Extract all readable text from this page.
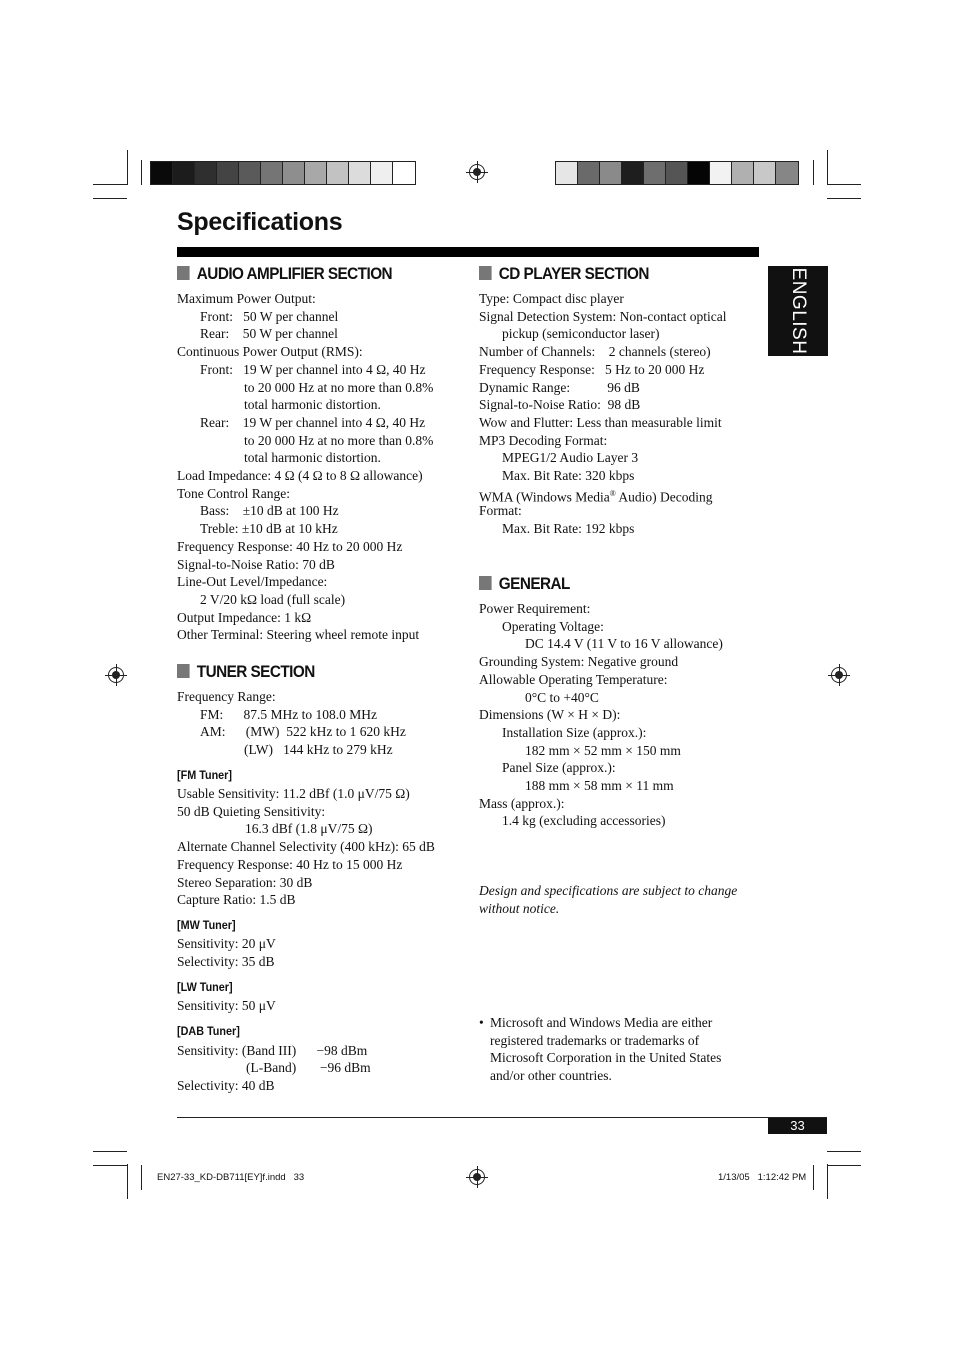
Specifications
ENGLISH
AUDIO AMPLIFIER SECTION
Maximum Power Output:
Front:   50 W per channel
Rear:    50 W per channel
Continuous Power Output (RMS):
Front:   19 W per channel into 4 Ω, 40 Hz
to 20 000 Hz at no more than 0.8%
total harmonic distortion.
Rear:    19 W per channel into 4 Ω, 40 Hz
to 20 000 Hz at no more than 0.8%
total harmonic distortion.
Load Impedance: 4 Ω (4 Ω to 8 Ω allowance)
Tone Control Range:
Bass:    ±10 dB at 100 Hz
Treble: ±10 dB at 10 kHz
Frequency Response: 40 Hz to 20 000 Hz
Signal-to-Noise Ratio: 70 dB
Line-Out Level/Impedance:
2 V/20 kΩ load (full scale)
Output Impedance: 1 kΩ
Other Terminal: Steering wheel remote input
TUNER SECTION
Frequency Range:
FM:      87.5 MHz to 108.0 MHz
AM:      (MW)  522 kHz to 1 620 kHz
(LW)   144 kHz to 279 kHz
[FM Tuner]
Usable Sensitivity: 11.2 dBf (1.0 μV/75 Ω)
50 dB Quieting Sensitivity:
16.3 dBf (1.8 μV/75 Ω)
Alternate Channel Selectivity (400 kHz): 65 dB
Frequency Response: 40 Hz to 15 000 Hz
Stereo Separation: 30 dB
Capture Ratio: 1.5 dB
[MW Tuner]
Sensitivity: 20 μV
Selectivity: 35 dB
[LW Tuner]
Sensitivity: 50 μV
[DAB Tuner]
Sensitivity: (Band III)      −98 dBm
(L-Band)       −96 dBm
Selectivity: 40 dB
CD PLAYER SECTION
Type: Compact disc player
Signal Detection System: Non-contact optical
pickup (semiconductor laser)
Number of Channels:    2 channels (stereo)
Frequency Response:   5 Hz to 20 000 Hz
Dynamic Range:           96 dB
Signal-to-Noise Ratio:  98 dB
Wow and Flutter: Less than measurable limit
MP3 Decoding Format:
MPEG1/2 Audio Layer 3
Max. Bit Rate: 320 kbps
WMA (Windows Media® Audio) Decoding
Format:
Max. Bit Rate: 192 kbps
GENERAL
Power Requirement:
Operating Voltage:
DC 14.4 V (11 V to 16 V allowance)
Grounding System: Negative ground
Allowable Operating Temperature:
0°C to +40°C
Dimensions (W × H × D):
Installation Size (approx.):
182 mm × 52 mm × 150 mm
Panel Size (approx.):
188 mm × 58 mm × 11 mm
Mass (approx.):
1.4 kg (excluding accessories)
Design and specifications are subject to change
without notice.
• Microsoft and Windows Media are either
registered trademarks or trademarks of
Microsoft Corporation in the United States
and/or other countries.
33
EN27-33_KD-DB711[EY]f.indd   33	1/13/05   1:12:42 PM
